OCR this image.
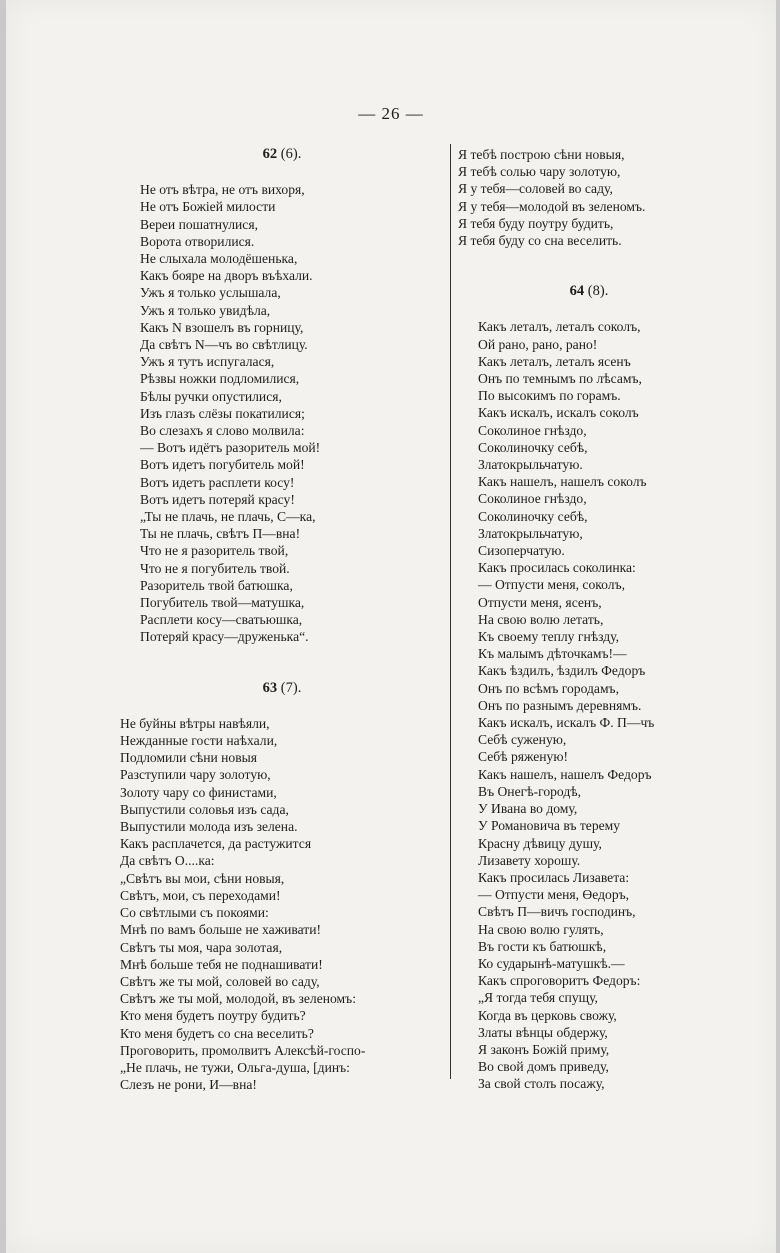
— 26 —
62 (6).
Не отъ вѣтра, не отъ вихоря,
Не отъ Божіей милости
Вереи пошатнулися,
Ворота отворилися.
Не слыхала молодёшенька,
Какъ бояре на дворъ въѣхали.
Ужъ я только услышала,
Ужъ я только увидѣла,
Какъ N взошелъ въ горницу,
Да свѣтъ N—чъ во свѣтлицу.
Ужъ я тутъ испугалася,
Рѣзвы ножки подломилися,
Бѣлы ручки опустилися,
Изъ глазъ слёзы покатилися;
Во слезахъ я слово молвила:
— Вотъ идётъ разоритель мой!
Вотъ идетъ погубитель мой!
Вотъ идетъ расплети косу!
Вотъ идетъ потеряй красу!
„Ты не плачь, не плачь, С—ка,
Ты не плачь, свѣтъ П—вна!
Что не я разоритель твой,
Что не я погубитель твой.
Разоритель твой батюшка,
Погубитель твой—матушка,
Расплети косу—сватьюшка,
Потеряй красу—друженька“.
63 (7).
Не буйны вѣтры навѣяли,
Нежданные гости наѣхали,
Подломили сѣни новыя
Разступили чару золотую,
Золоту чару со финистами,
Выпустили соловья изъ сада,
Выпустили молода изъ зелена.
Какъ расплачется, да растужится
Да свѣтъ О....ка:
„Свѣтъ вы мои, сѣни новыя,
Свѣтъ, мои, съ переходами!
Со свѣтлыми съ покоями:
Мнѣ по вамъ больше не хаживати!
Свѣтъ ты моя, чара золотая,
Мнѣ больше тебя не поднашивати!
Свѣтъ же ты мой, соловей во саду,
Свѣтъ же ты мой, молодой, въ зеленомъ:
Кто меня будетъ поутру будить?
Кто меня будетъ со сна веселить?
Проговорить, промолвитъ Алексѣй-госпо-
„Не плачь, не тужи, Ольга-душа, [динъ:
Слезъ не рони, И—вна!
Я тебѣ построю сѣни новыя,
Я тебѣ солью чару золотую,
Я у тебя—соловей во саду,
Я у тебя—молодой въ зеленомъ.
Я тебя буду поутру будить,
Я тебя буду со сна веселить.
64 (8).
Какъ леталъ, леталъ соколъ,
Ой рано, рано, рано!
Какъ леталъ, леталъ ясенъ
Онъ по темнымъ по лѣсамъ,
По высокимъ по горамъ.
Какъ искалъ, искалъ соколъ
Соколиное гнѣздо,
Соколиночку себѣ,
Златокрыльчатую.
Какъ нашелъ, нашелъ соколъ
Соколиное гнѣздо,
Соколиночку себѣ,
Златокрыльчатую,
Сизоперчатую.
Какъ просилась соколинка:
— Отпусти меня, соколъ,
Отпусти меня, ясенъ,
На свою волю летать,
Къ своему теплу гнѣзду,
Къ малымъ дѣточкамъ!—
Какъ ѣздилъ, ѣздилъ Федоръ
Онъ по всѣмъ городамъ,
Онъ по разнымъ деревнямъ.
Какъ искалъ, искалъ Ф. П—чъ
Себѣ суженую,
Себѣ ряженую!
Какъ нашелъ, нашелъ Федоръ
Въ Онегѣ-городѣ,
У Ивана во дому,
У Романовича въ терему
Красну дѣвицу душу,
Лизавету хорошу.
Какъ просилась Лизавета:
— Отпусти меня, Өедоръ,
Свѣтъ П—вичъ господинъ,
На свою волю гулять,
Въ гости къ батюшкѣ,
Ко сударынѣ-матушкѣ.—
Какъ спроговоритъ Федоръ:
„Я тогда тебя спущу,
Когда въ церковь свожу,
Златы вѣнцы обдержу,
Я законъ Божій приму,
Во свой домъ приведу,
За свой столъ посажу,
